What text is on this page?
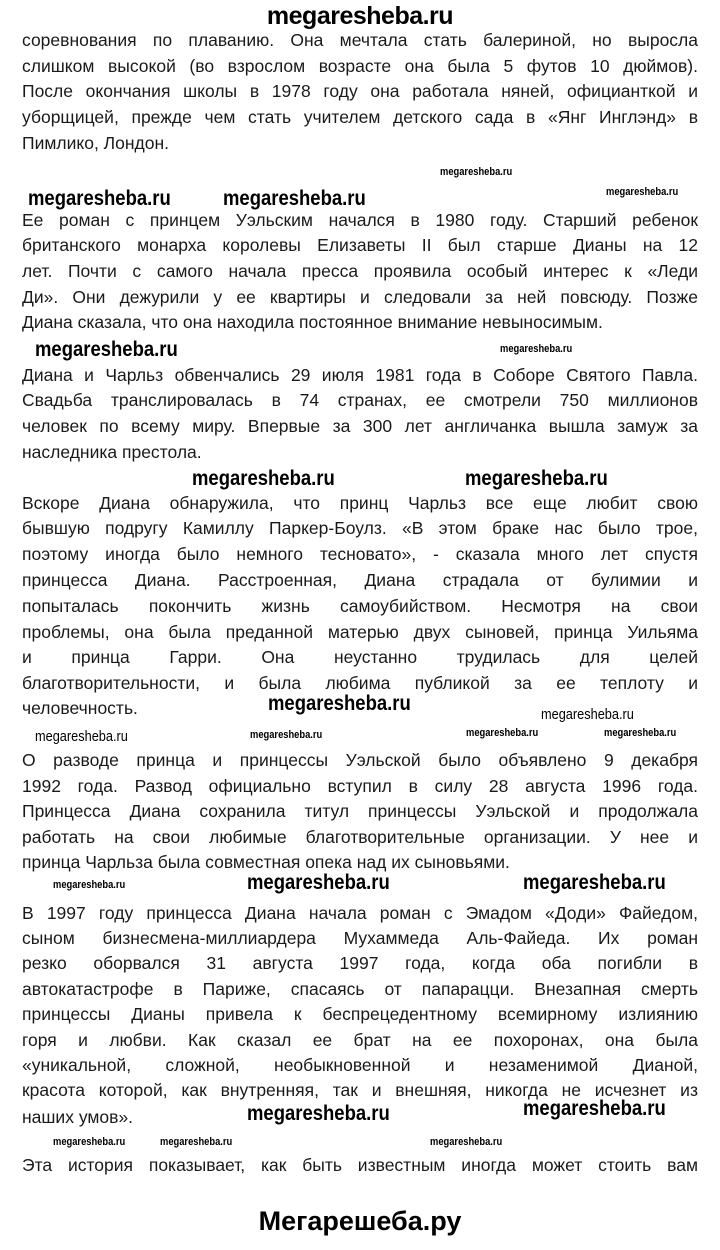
megaresheba.ru
соревнования по плаванию. Она мечтала стать балериной, но выросла
слишком высокой (во взрослом возрасте она была 5 футов 10 дюймов).
После окончания школы в 1978 году она работала няней, официанткой и
уборщицей, прежде чем стать учителем детского сада в «Янг Инглэнд» в
Пимлико, Лондон.
Ее роман с принцем Уэльским начался в 1980 году. Старший ребенок
британского монарха королевы Елизаветы II был старше Дианы на 12
лет. Почти с самого начала пресса проявила особый интерес к «Леди
Ди». Они дежурили у ее квартиры и следовали за ней повсюду. Позже
Диана сказала, что она находила постоянное внимание невыносимым.
Диана и Чарльз обвенчались 29 июля 1981 года в Соборе Святого Павла.
Свадьба транслировалась в 74 странах, ее смотрели 750 миллионов
человек по всему миру. Впервые за 300 лет англичанка вышла замуж за
наследника престола.
Вскоре Диана обнаружила, что принц Чарльз все еще любит свою
бывшую подругу Камиллу Паркер-Боулз. «В этом браке нас было трое,
поэтому иногда было немного тесновато», - сказала много лет спустя
принцесса Диана. Расстроенная, Диана страдала от булимии и
попыталась покончить жизнь самоубийством. Несмотря на свои
проблемы, она была преданной матерью двух сыновей, принца Уильяма
и принца Гарри. Она неустанно трудилась для целей
благотворительности, и была любима публикой за ее теплоту и
человечность.
О разводе принца и принцессы Уэльской было объявлено 9 декабря
1992 года. Развод официально вступил в силу 28 августа 1996 года.
Принцесса Диана сохранила титул принцессы Уэльской и продолжала
работать на свои любимые благотворительные организации. У нее и
принца Чарльза была совместная опека над их сыновьями.
В 1997 году принцесса Диана начала роман с Эмадом «Доди» Файедом,
сыном бизнесмена-миллиардера Мухаммеда Аль-Файеда. Их роман
резко оборвался 31 августа 1997 года, когда оба погибли в
автокатастрофе в Париже, спасаясь от папарацци. Внезапная смерть
принцессы Дианы привела к беспрецедентному всемирному излиянию
горя и любви. Как сказал ее брат на ее похоронах, она была
«уникальной, сложной, необыкновенной и незаменимой Дианой,
красота которой, как внутренняя, так и внешняя, никогда не исчезнет из
наших умов».
Эта история показывает, как быть известным иногда может стоить вам
megaresheba.ru
megaresheba.ru megaresheba.ru	megaresheba.ru
megaresheba.ru
megaresheba.ru
megaresheba.ru
megaresheba.ru
megaresheba.ru	megaresheba.ru
megaresheba.ru
megaresheba.ru	megaresheba.ru
megaresheba.ru
megaresheba.ru	megaresheba.ru	megaresheba.ru
megaresheba.ru	megaresheba.ru
megaresheba.ru	megaresheba.ru
megaresheba.ru
Мегарешеба.ру
